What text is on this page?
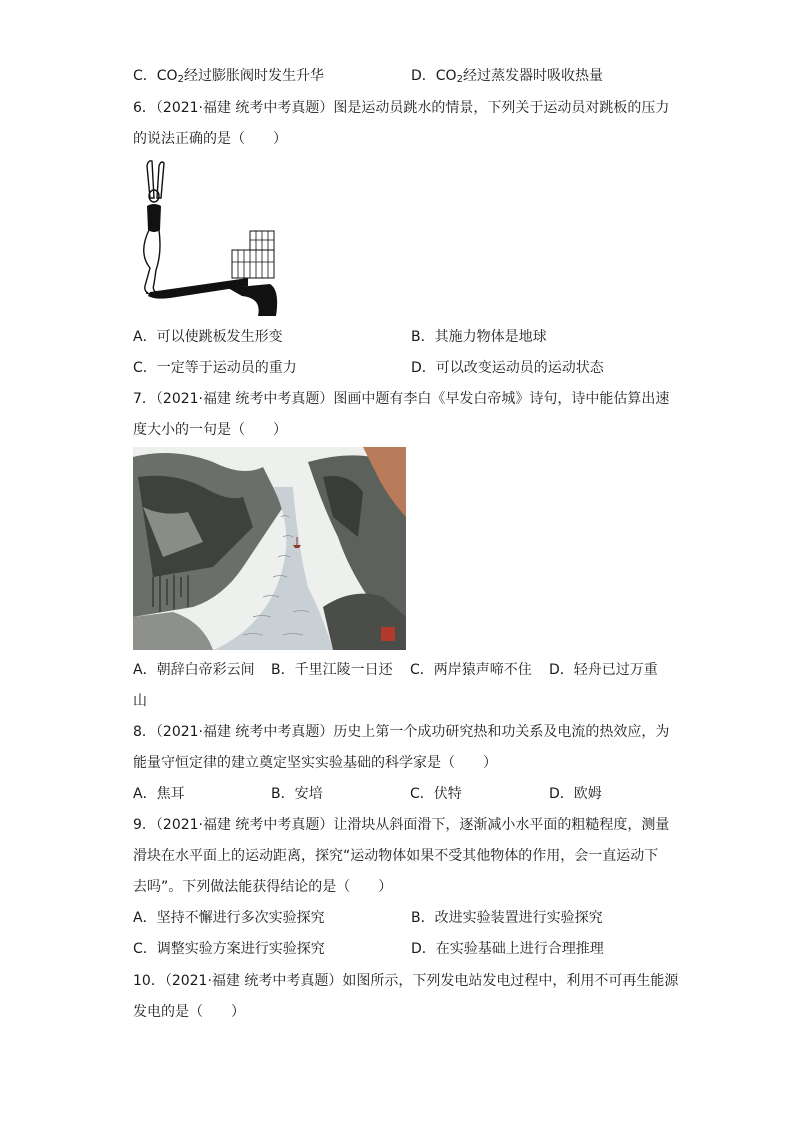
C．$CO_2$经过膨胀阀时发生升华	D．$CO_2$经过蒸发器时吸收热量
6．（2021·福建 统考中考真题）图是运动员跳水的情景，下列关于运动员对跳板的压力
的说法正确的是（　　）
A．可以使跳板发生形变	B．其施力物体是地球
C．一定等于运动员的重力	D．可以改变运动员的运动状态
7．（2021·福建 统考中考真题）图画中题有李白《早发白帝城》诗句，诗中能估算出速
度大小的一句是（　　）
A．朝辞白帝彩云间 B．千里江陵一日还 C．两岸猿声啼不住 D．轻舟已过万重
山
8．（2021·福建 统考中考真题）历史上第一个成功研究热和功关系及电流的热效应，为
能量守恒定律的建立奠定坚实实验基础的科学家是（　　）
A．焦耳	B．安培	C．伏特	D．欧姆
9．（2021·福建 统考中考真题）让滑块从斜面滑下，逐渐减小水平面的粗糙程度，测量
滑块在水平面上的运动距离，探究“运动物体如果不受其他物体的作用，会一直运动下
去吗”。下列做法能获得结论的是（　　）
A．坚持不懈进行多次实验探究	B．改进实验装置进行实验探究
C．调整实验方案进行实验探究	D．在实验基础上进行合理推理
10．（2021·福建 统考中考真题）如图所示，下列发电站发电过程中，利用不可再生能源
发电的是（　　）
